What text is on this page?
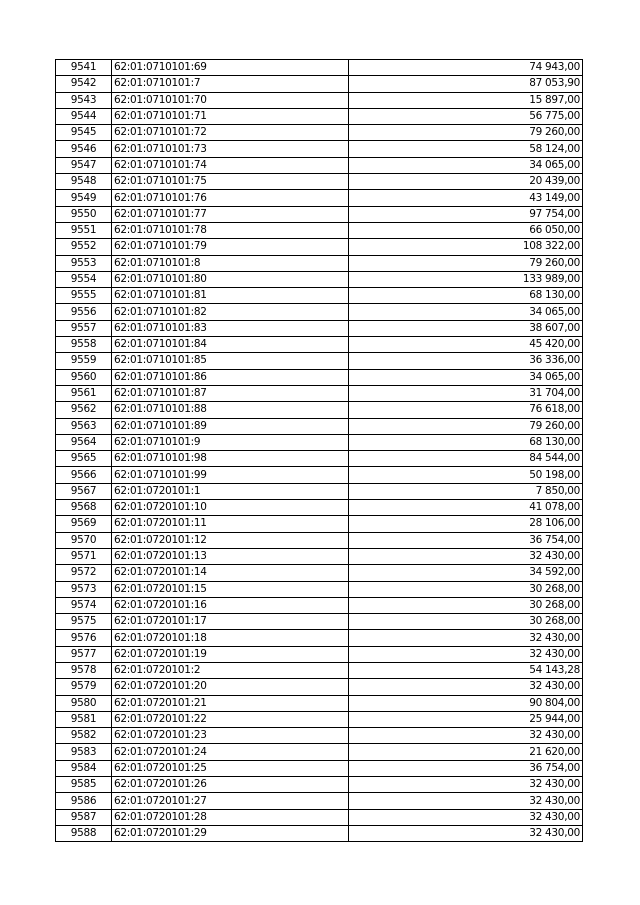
9541	62:01:0710101:69	74 943,00
9542	62:01:0710101:7	87 053,90
9543	62:01:0710101:70	15 897,00
9544	62:01:0710101:71	56 775,00
9545	62:01:0710101:72	79 260,00
9546	62:01:0710101:73	58 124,00
9547	62:01:0710101:74	34 065,00
9548	62:01:0710101:75	20 439,00
9549	62:01:0710101:76	43 149,00
9550	62:01:0710101:77	97 754,00
9551	62:01:0710101:78	66 050,00
9552	62:01:0710101:79	108 322,00
9553	62:01:0710101:8	79 260,00
9554	62:01:0710101:80	133 989,00
9555	62:01:0710101:81	68 130,00
9556	62:01:0710101:82	34 065,00
9557	62:01:0710101:83	38 607,00
9558	62:01:0710101:84	45 420,00
9559	62:01:0710101:85	36 336,00
9560	62:01:0710101:86	34 065,00
9561	62:01:0710101:87	31 704,00
9562	62:01:0710101:88	76 618,00
9563	62:01:0710101:89	79 260,00
9564	62:01:0710101:9	68 130,00
9565	62:01:0710101:98	84 544,00
9566	62:01:0710101:99	50 198,00
9567	62:01:0720101:1	7 850,00
9568	62:01:0720101:10	41 078,00
9569	62:01:0720101:11	28 106,00
9570	62:01:0720101:12	36 754,00
9571	62:01:0720101:13	32 430,00
9572	62:01:0720101:14	34 592,00
9573	62:01:0720101:15	30 268,00
9574	62:01:0720101:16	30 268,00
9575	62:01:0720101:17	30 268,00
9576	62:01:0720101:18	32 430,00
9577	62:01:0720101:19	32 430,00
9578	62:01:0720101:2	54 143,28
9579	62:01:0720101:20	32 430,00
9580	62:01:0720101:21	90 804,00
9581	62:01:0720101:22	25 944,00
9582	62:01:0720101:23	32 430,00
9583	62:01:0720101:24	21 620,00
9584	62:01:0720101:25	36 754,00
9585	62:01:0720101:26	32 430,00
9586	62:01:0720101:27	32 430,00
9587	62:01:0720101:28	32 430,00
9588	62:01:0720101:29	32 430,00
